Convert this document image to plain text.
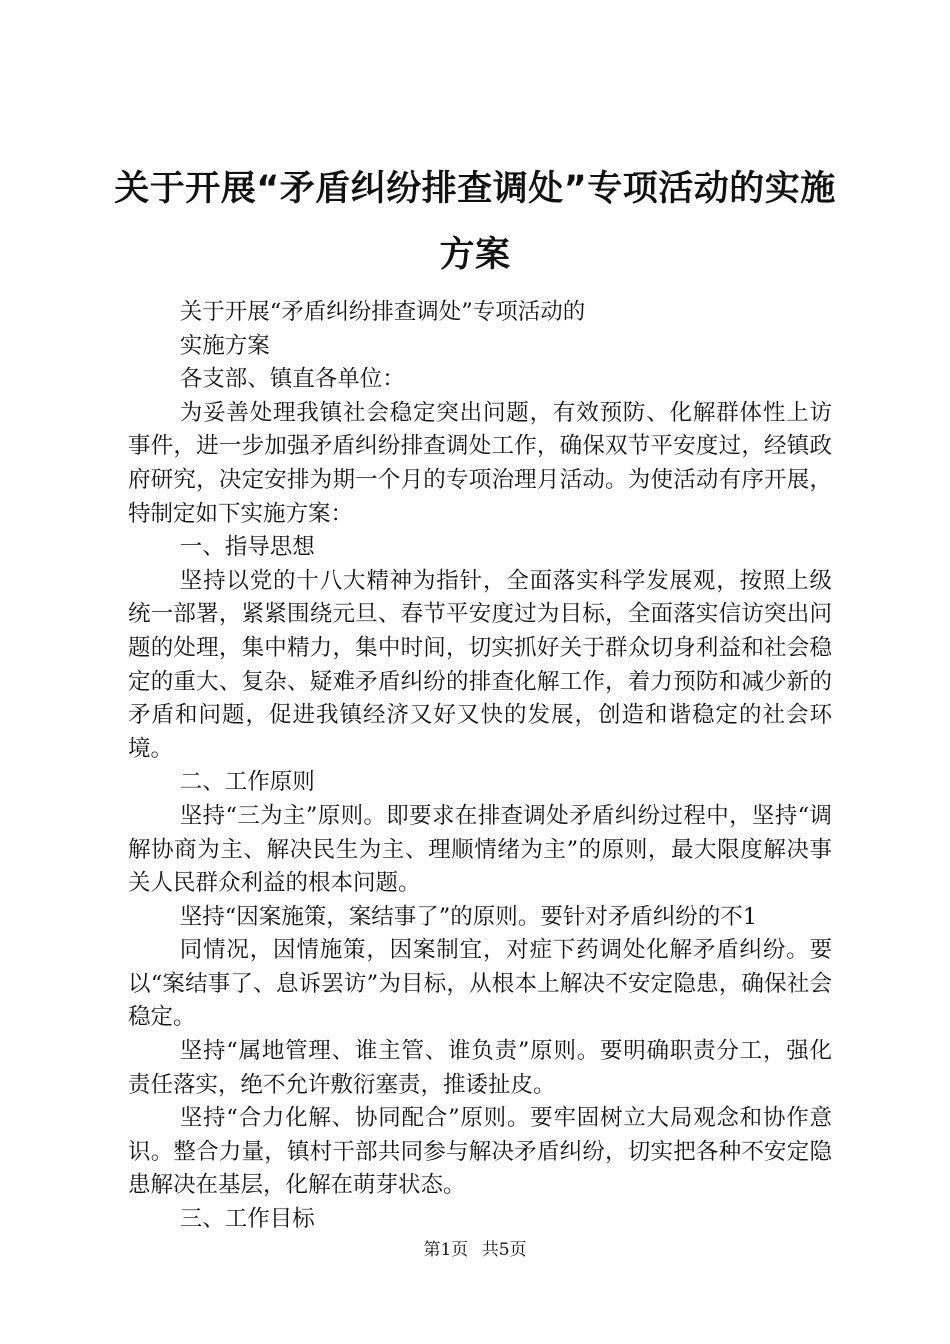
关于开展“矛盾纠纷排查调处”专项活动的实施方案

关于开展“矛盾纠纷排查调处”专项活动的

实施方案

各支部、镇直各单位：

为妥善处理我镇社会稳定突出问题，有效预防、化解群体性上访事件，进一步加强矛盾纠纷排查调处工作，确保双节平安度过，经镇政府研究，决定安排为期一个月的专项治理月活动。为使活动有序开展，特制定如下实施方案：

一、指导思想

坚持以党的十八大精神为指针，全面落实科学发展观，按照上级统一部署，紧紧围绕元旦、春节平安度过为目标，全面落实信访突出问题的处理，集中精力，集中时间，切实抓好关于群众切身利益和社会稳定的重大、复杂、疑难矛盾纠纷的排查化解工作，着力预防和减少新的矛盾和问题，促进我镇经济又好又快的发展，创造和谐稳定的社会环境。

二、工作原则

坚持“三为主”原则。即要求在排查调处矛盾纠纷过程中，坚持“调解协商为主、解决民生为主、理顺情绪为主”的原则，最大限度解决事关人民群众利益的根本问题。

坚持“因案施策，案结事了”的原则。要针对矛盾纠纷的不1

同情况，因情施策，因案制宜，对症下药调处化解矛盾纠纷。要以“案结事了、息诉罢访”为目标，从根本上解决不安定隐患，确保社会稳定。

坚持“属地管理、谁主管、谁负责”原则。要明确职责分工，强化责任落实，绝不允许敷衍塞责，推诿扯皮。

坚持“合力化解、协同配合”原则。要牢固树立大局观念和协作意识。整合力量，镇村干部共同参与解决矛盾纠纷，切实把各种不安定隐患解决在基层，化解在萌芽状态。

三、工作目标

第1页 共5页
